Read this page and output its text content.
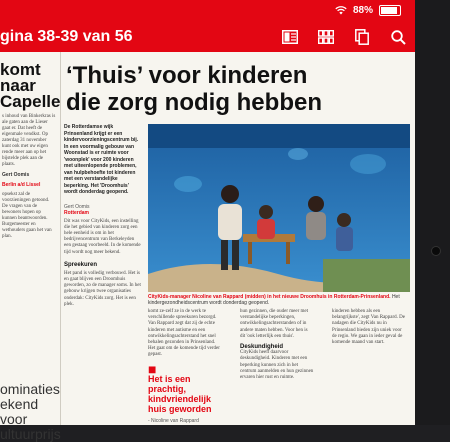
88%
gina 38-39 van 56
komt
naar
Capelle

s inhoud van Binkerkras is ale gaten aan de Lieser gaat er. Dat heeft de eigenmale vendkst. Op zaterdag 31 november kunt ook met uw eigen rende meer aan op het bijstelde plek aan de plaats.

Gert Oomis
Berlin a/d Lissel

opsekst zal de voorzieningen getoond. De vragen van de bewoners hopen op kunnen beantwoorden. Burgemeester en wethouders gaan het van plan.

ominaties
ekend voor
ultuurprijs
‘Thuis’ voor kinderen
die zorg nodig hebben
De Rotterdamse wijk Prinsenland krijgt er een kindervoorzieningscentrum bij. In een voormalig gebouw van Woonstad is er ruimte voor 'woonplek' voor 200 kinderen met uiteenlopende problemen, van hulpbehoefte tot kinderen met een verstandelijke beperking. Het 'Droomhuis' wordt donderdag geopend.
Gert Oomis
Rotterdam

Dit was voor CityKids, een instelling die het gebied van kinderen zorg een hele eenheid is om in het bedrijvencentrum van Berkeleyden een gestaag voorbeeld. In de komende tijd wordt nog meer bekend.

Spreekuren

Het pand is volledig verbouwd. Het is en gaat blijven een Droomhuis geworden, zo de manager soms. In het gebouw krijgen twee organisaties onderdak: CityKids zorg. Het is een plek.

CityKids-manager Nicoline van Rappard (midden) in het nieuwe Droomhuis in Rotterdam-Prinsenland. Het kindergezondheidscentrum wordt donderdag geopend.
komt ze-zelf ze in de werk te verschillende spreekuren bezorgd. Van Rappard zegt dat zij de echte kinderen met autisme en een ontwikkelingsachterstand het snel behalen gezonden in Prinsenland. Het gaat om de komende tijd verder gepast.
■
Het is een prachtig, kindvriendelijk huis geworden
- Nicoline van Rappard
hun gezinnen, die ouder meer met verstandelijke beperkingen, ontwikkelingsachterstanden of in andere maten hebben. Voor hen is dit 'ook letterlijk een thuis'.
Deskundigheid
CityKids heeft daarvoor deskundigheid. Kinderen met een beperking kunnen zich in het centrum aanmelden en hun gezinnen ervaren hier rust en ruimte.
kinderen hebben als een belangrijkste', zegt Van Rappard. De nadagen die CityKids nu in Prinsenland bieden zijn uniek voor de regio. We gaan in ieder geval de komende maand van start.
